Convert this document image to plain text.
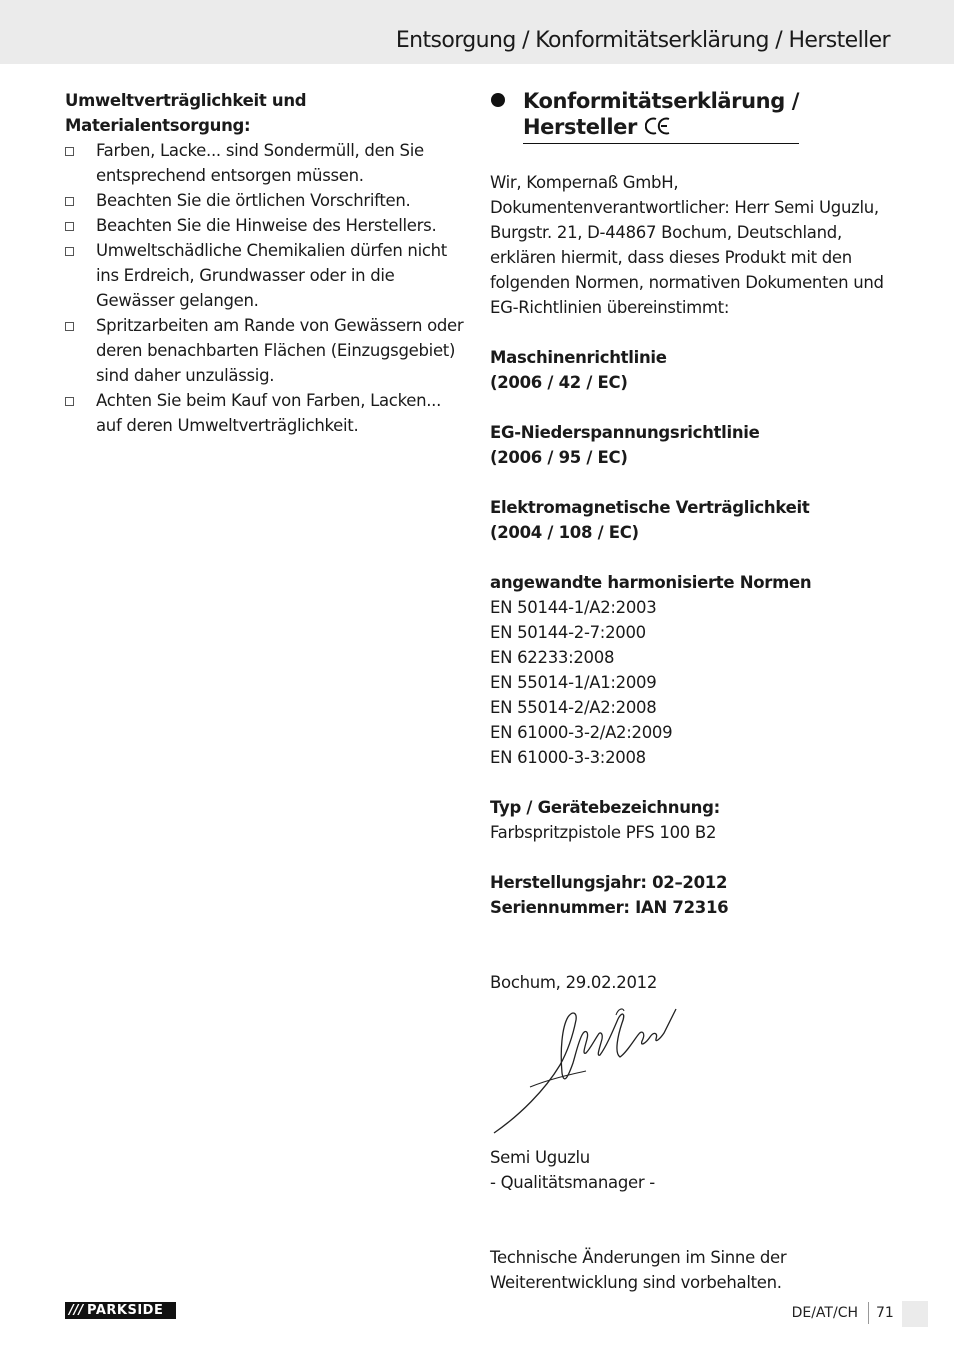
Entsorgung / Konformitätserklärung / Hersteller
Umweltverträglichkeit und
Materialentsorgung:
Farben, Lacke... sind Sondermüll, den Sie entsprechend entsorgen müssen.
Beachten Sie die örtlichen Vorschriften.
Beachten Sie die Hinweise des Herstellers.
Umweltschädliche Chemikalien dürfen nicht ins Erdreich, Grundwasser oder in die Gewässer gelangen.
Spritzarbeiten am Rande von Gewässern oder deren benachbarten Flächen (Einzugsgebiet) sind daher unzulässig.
Achten Sie beim Kauf von Farben, Lacken... auf deren Umweltverträglichkeit.
Konformitätserklärung /
Hersteller
Wir, Kompernaß GmbH, Dokumentenverantwortlicher: Herr Semi Uguzlu, Burgstr. 21, D-44867 Bochum, Deutschland, erklären hiermit, dass dieses Produkt mit den folgenden Normen, normativen Dokumenten und EG-Richtlinien übereinstimmt:
Maschinenrichtlinie
(2006 / 42 / EC)
EG-Niederspannungsrichtlinie
(2006 / 95 / EC)
Elektromagnetische Verträglichkeit
(2004 / 108 / EC)
angewandte harmonisierte Normen
EN 50144-1/A2:2003
EN 50144-2-7:2000
EN 62233:2008
EN 55014-1/A1:2009
EN 55014-2/A2:2008
EN 61000-3-2/A2:2009
EN 61000-3-3:2008
Typ / Gerätebezeichnung:
Farbspritzpistole PFS 100 B2
Herstellungsjahr: 02–2012
Seriennummer: IAN 72316
Bochum, 29.02.2012
Semi Uguzlu
- Qualitätsmanager -
Technische Änderungen im Sinne der Weiterentwicklung sind vorbehalten.
/// PARKSIDE	DE/AT/CH 71
